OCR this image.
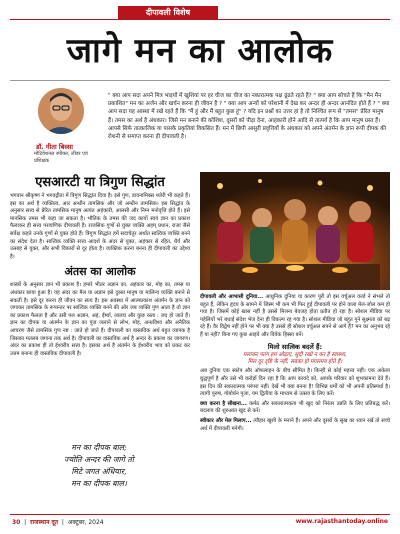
दीपावली विशेष
जागे मन का आलोक
डॉ. गीता बिस्सा
मोटिवेशनल स्पीकर, लीडर एवं प्रशिक्षक

" क्या आप सदा अपने मित्र भाइयों में खुशियां पर हर चीज का चीज का नकारात्मक पक्ष ढूंढते रहते हैं? " क्या आप सोचते हैं कि "मैन मैन प्रकाशित" मन का अर्जन और खर्चन करना ही जीवन है ? " क्या आप अन्यों को परेशानी में देख कर अन्दर ही अन्दर आनंदित होते हैं ? " क्या आप सदा यह आस्था में रखे रहते हैं कि "मैं हूं और मैं बहुत कुछ हूं" ? यदि इन प्रश्नों का उत्तर हां है तो निश्चित रूप से "तमस" प्रेरित मानुष हैं। तमस का अर्थ है अंधकार। जिसे मन बनाने की कोशिश, दूसरों को पीड़ा देना, आहंकारी होने आदि से तात्पर्य है कि आप मानुष ग्रस्त हैं। आपसे सिर्फ तात्कालिक या पासके प्रकृतियां विकसित हैं। मन में छिपी आसुरी प्रवृत्तियों के अंधकार को अपने अंतर्मन के ज्ञान रूपी दीपक की रोशनी से समाप्त करना ही दीपावली है।

एसआरटी या त्रिगुण सिद्धांत

भगवान श्रीकृष्ण ने भगवद्गीता में त्रिगुण सिद्धांत दिया है। इसे गुण, डायनामिक्स थ्योरी भी कहते हैं। इस का अर्थ है व्यक्तित्व, आर अन्धीन तामसिक और जो अन्धीन तामसिक। इस सिद्धांत के अनुसार सत्त्व से प्रेरित तामसिक मानुष अत्यंत अहंकारी, आलसी और निम्न मनोवृत्ति होते हैं। इसे मानसिक तमस भी कहा जा सकता है। भौतिक के तमस की जद कायों स्वयं ज्ञान का प्रकाश फैलाकर ही सत्त्व परायणिक दीपावली है। राजसिक गुणों से युक्त व्यक्ति अहम् प्रधान, राजा जैसे सर्वेक्ष कहते उनके गुणों से युक्त होते हैं। त्रिगुण सिद्धांत हमें सदाचेतुर अर्थात सात्विक व्यक्ति बनने का संदेश देता है। सात्विक व्यक्ति सत्त्व आदर्श के अंदर से युक्त, अहंकार से रहित, धैर्य और उत्साह से युक्त, और सभी विकारों से दूर होता है। व्यक्तिक करना बनना ही दीपावली का उद्देश्य है।

अंतस का आलोक

शास्त्रों के अनुसार ज्ञान भी प्रकाश है। हमारे भीतर अज्ञान का, अहंकार का, मोह का, तमस या अंधकार छाया हुआ है। यह अंदर का मैल या अज्ञान इसे दुरस्त मानुष या मालिन्य व्यक्ति बनाने से सकती है। इसे दूर करना ही जीवन का सत्य है। इस अवस्था में आत्मप्रकाश अंतर्मन के ज्ञान को जगाकर तामसिक के रूपान्तर पर सात्विक व्यक्ति बनने की ओर जब व्यक्ति गुण आता है तो ज्ञान का प्रकाश फैलता है और उसी पल अज्ञान, अहं, ईर्ष्या, लालच और कुछ रस्ता : जद हो जाते हैं। ज्ञान का दीपक या अंतर्मन के ज्ञान का पुंज जलाने से लोभ, मोह, अन्धविश्व और अनैतिक आचरण जैसे तामसिक गुण नष्ट : जाते हो जाते हैं। दीपावली का वास्तविक अर्थ बहुत व्यापक है जिसका मतलब जगाना तक अर्थ है। दीपावली का वास्तविक अर्थ है अन्दर के प्रकाश का जागरण। अंदर का प्रकाश ही तो ईश्वरीय सत्त्व है। इसका अर्थ है अंतर्मन के ईश्वरीय भाव को प्रकट कर उत्तम बनाना ही वास्तविक दीपावली है।

मन का दीपक बाल;
ज्योति अन्दर की जागे तो
मिटे जगत अंधियार,
मन का दीपक बाल।

दीपावली और आभासी दुनिया... आधुनिक दुनिया या कारण पूरी तो इस वर्चुअल वर्ल्ड ने संभले तो बहुत हैं, लेकिन हृदय के सामने में जिस्म भी कम भी फिर हुई दीपावली पर होने वाला मेल-जोल कम हो गया है। जिसमें कोई खास नहीं है उससे मिलना बेवजह होता प्रतीत हो रहा है। सोशल मीडिया पर पहेलियों भरे बधाई संदेश भेज देना ही विकल्प रह गया है। सोशल मीडिया जो बहुत गुने सूक्ष्मता को बढ़ रहे हैं। वैर विद्वेष नहीं होने पर भी क्या है उससे ही सोशल वर्चुअल सपने से आगे हैं? मन का अनुभव रहे हैं या नहीं? बिना गए कुछ आइये और विवेक हिस्सा बनें।

मिलो सात्विक बदलें हैं:
मलाकर पतंग हम ओढ़ाए, सुदी रखो न कर है स्वास्थ्य,
मिल दूर दृष्टि के नहीं, सबका हो मंगलमय होते हैं।

अब दुनिया एक स्कोप और ऑफलाइन के बीच सीमित है। किन्हीं से कोई महत्त्व नहीं। एक अकेला बुद्धपूर्ण है और उसे भी करोड़ों दिन रहा है कि आप कायदे को, आपके परिवार को शुभकामना देते हैं। इस दिन की सकारात्मक परंपरा नहीं। देखें भी क्या बनना है! विभिन्न धर्मों को भी अपनी प्रतिस्पर्धा है। त्यागी पुरुष, गोबोर्धन पूजा, यम द्वितीया के माध्यम से उत्सव के लिए करें।

क्या करना है सीखना... कर्मठ और सकारात्मकता भी खुद को निरंतर उन्नति के लिए प्रतिबद्ध करें। बदलाव की शुरुआत खुद से करें।

स्वीकार और मेल मिलाप... त्यौहार खुशी के मनाने हैं। अपने और दूसरों के सुख का ध्यान रखें तो सच्चे अर्थ में दीपावली मनेगी।

30  |  राजस्थान दूत  |  अक्टूबर, 2024	www.rajasthantoday.online
